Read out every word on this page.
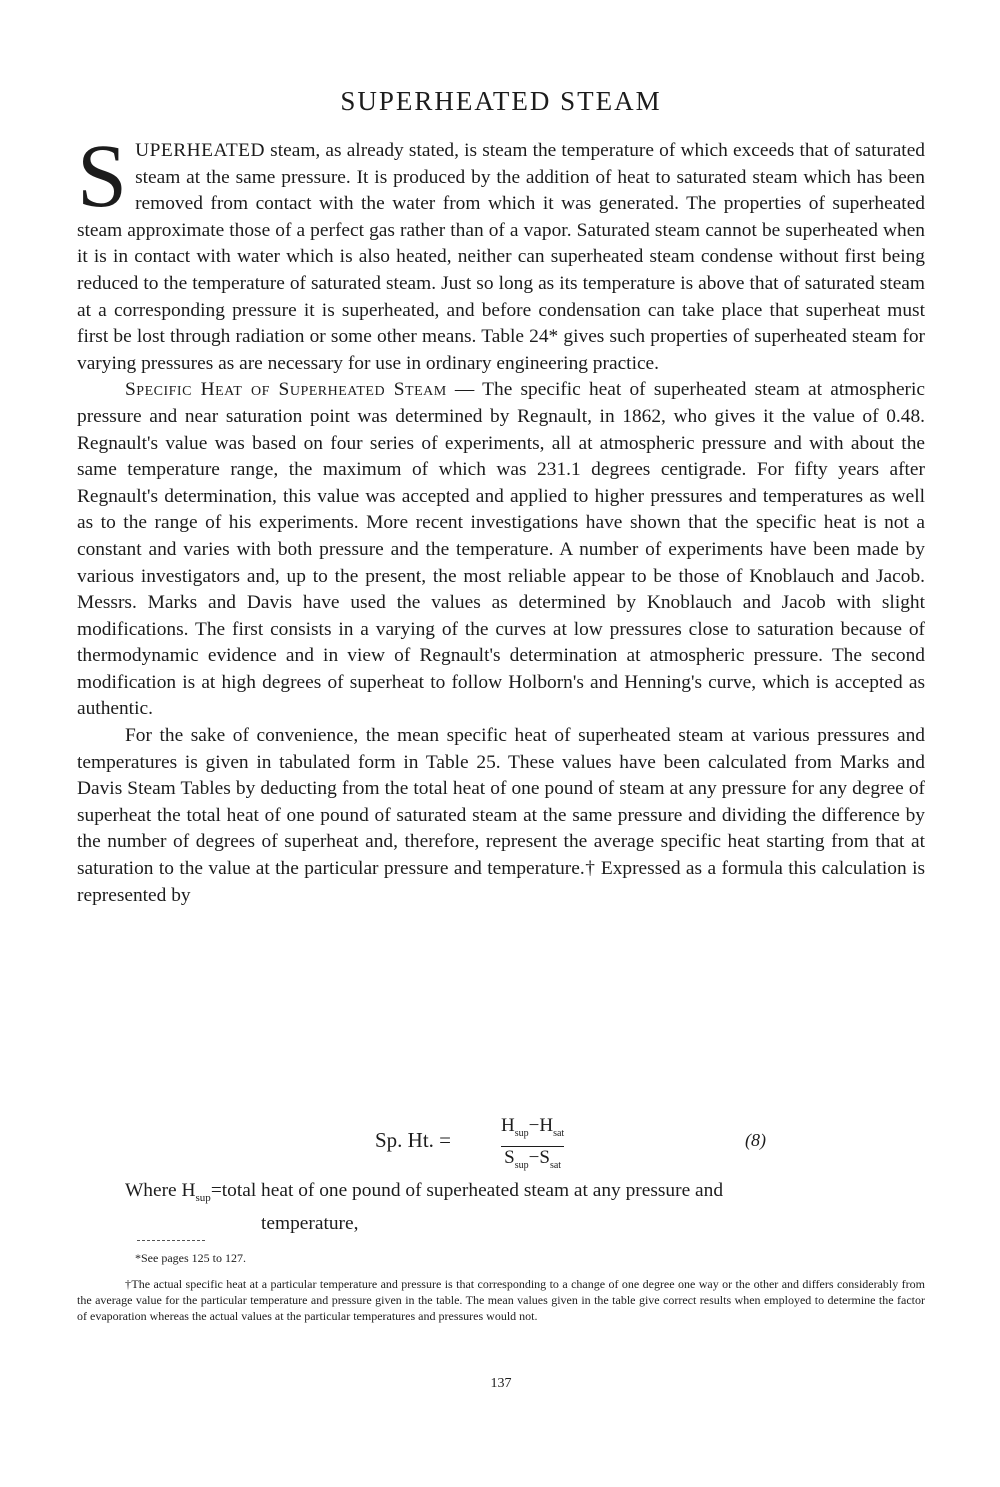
SUPERHEATED STEAM

SUPERHEATED steam, as already stated, is steam the temperature of which exceeds that of saturated steam at the same pressure. It is produced by the addition of heat to saturated steam which has been removed from contact with the water from which it was generated. The properties of superheated steam approximate those of a perfect gas rather than of a vapor. Saturated steam cannot be superheated when it is in contact with water which is also heated, neither can superheated steam condense without first being reduced to the temperature of saturated steam. Just so long as its temperature is above that of saturated steam at a corresponding pressure it is superheated, and before condensation can take place that superheat must first be lost through radiation or some other means. Table 24* gives such properties of superheated steam for varying pressures as are necessary for use in ordinary engineering practice.

Specific Heat of Superheated Steam — The specific heat of superheated steam at atmospheric pressure and near saturation point was determined by Regnault, in 1862, who gives it the value of 0.48. Regnault's value was based on four series of experiments, all at atmospheric pressure and with about the same temperature range, the maximum of which was 231.1 degrees centigrade. For fifty years after Regnault's determination, this value was accepted and applied to higher pressures and temperatures as well as to the range of his experiments. More recent investigations have shown that the specific heat is not a constant and varies with both pressure and the temperature. A number of experiments have been made by various investigators and, up to the present, the most reliable appear to be those of Knoblauch and Jacob. Messrs. Marks and Davis have used the values as determined by Knoblauch and Jacob with slight modifications. The first consists in a varying of the curves at low pressures close to saturation because of thermodynamic evidence and in view of Regnault's determination at atmospheric pressure. The second modification is at high degrees of superheat to follow Holborn's and Henning's curve, which is accepted as authentic.

For the sake of convenience, the mean specific heat of superheated steam at various pressures and temperatures is given in tabulated form in Table 25. These values have been calculated from Marks and Davis Steam Tables by deducting from the total heat of one pound of steam at any pressure for any degree of superheat the total heat of one pound of saturated steam at the same pressure and dividing the difference by the number of degrees of superheat and, therefore, represent the average specific heat starting from that at saturation to the value at the particular pressure and temperature.† Expressed as a formula this calculation is represented by

Sp. Ht. =
$H_{sup}-H_{sat}$
$S_{sup}-S_{sat}$
(8)

Where $H_{sup}=total$ heat of one pound of superheated steam at any pressure and
temperature,

*See pages 125 to 127.

†The actual specific heat at a particular temperature and pressure is that corresponding to a change of one degree one way or the other and differs considerably from the average value for the particular temperature and pressure given in the table. The mean values given in the table give correct results when employed to determine the factor of evaporation whereas the actual values at the particular temperatures and pressures would not.

137
